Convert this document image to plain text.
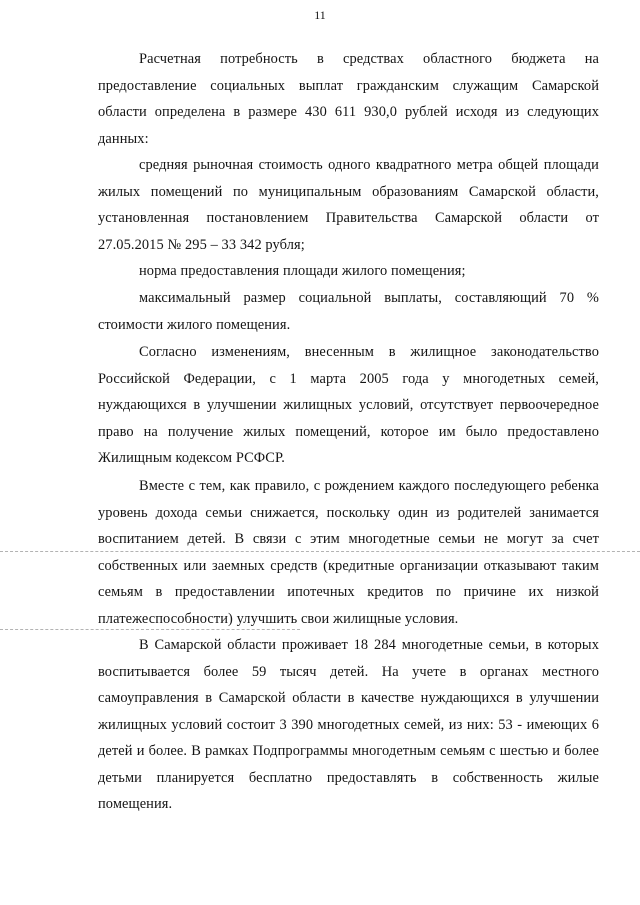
11

Расчетная потребность в средствах областного бюджета на предоставление социальных выплат гражданским служащим Самарской области определена в размере 430 611 930,0 рублей исходя из следующих данных:

средняя рыночная стоимость одного квадратного метра общей площади жилых помещений по муниципальным образованиям Самарской области, установленная постановлением Правительства Самарской области от 27.05.2015 № 295 – 33 342 рубля;

норма предоставления площади жилого помещения;

максимальный размер социальной выплаты, составляющий 70 % стоимости жилого помещения.

Согласно изменениям, внесенным в жилищное законодательство Российской Федерации, с 1 марта 2005 года у многодетных семей, нуждающихся в улучшении жилищных условий, отсутствует первоочередное право на получение жилых помещений, которое им было предоставлено Жилищным кодексом РСФСР.

Вместе с тем, как правило, с рождением каждого последующего ребенка уровень дохода семьи снижается, поскольку один из родителей занимается воспитанием детей. В связи с этим многодетные семьи не могут за счет собственных или заемных средств (кредитные организации отказывают таким семьям в предоставлении ипотечных кредитов по причине их низкой платежеспособности) улучшить свои жилищные условия.

В Самарской области проживает 18 284 многодетные семьи, в которых воспитывается более 59 тысяч детей. На учете в органах местного самоуправления в Самарской области в качестве нуждающихся в улучшении жилищных условий состоит 3 390 многодетных семей, из них: 53 - имеющих 6 детей и более. В рамках Подпрограммы многодетным семьям с шестью и более детьми планируется бесплатно предоставлять в собственность жилые помещения.
